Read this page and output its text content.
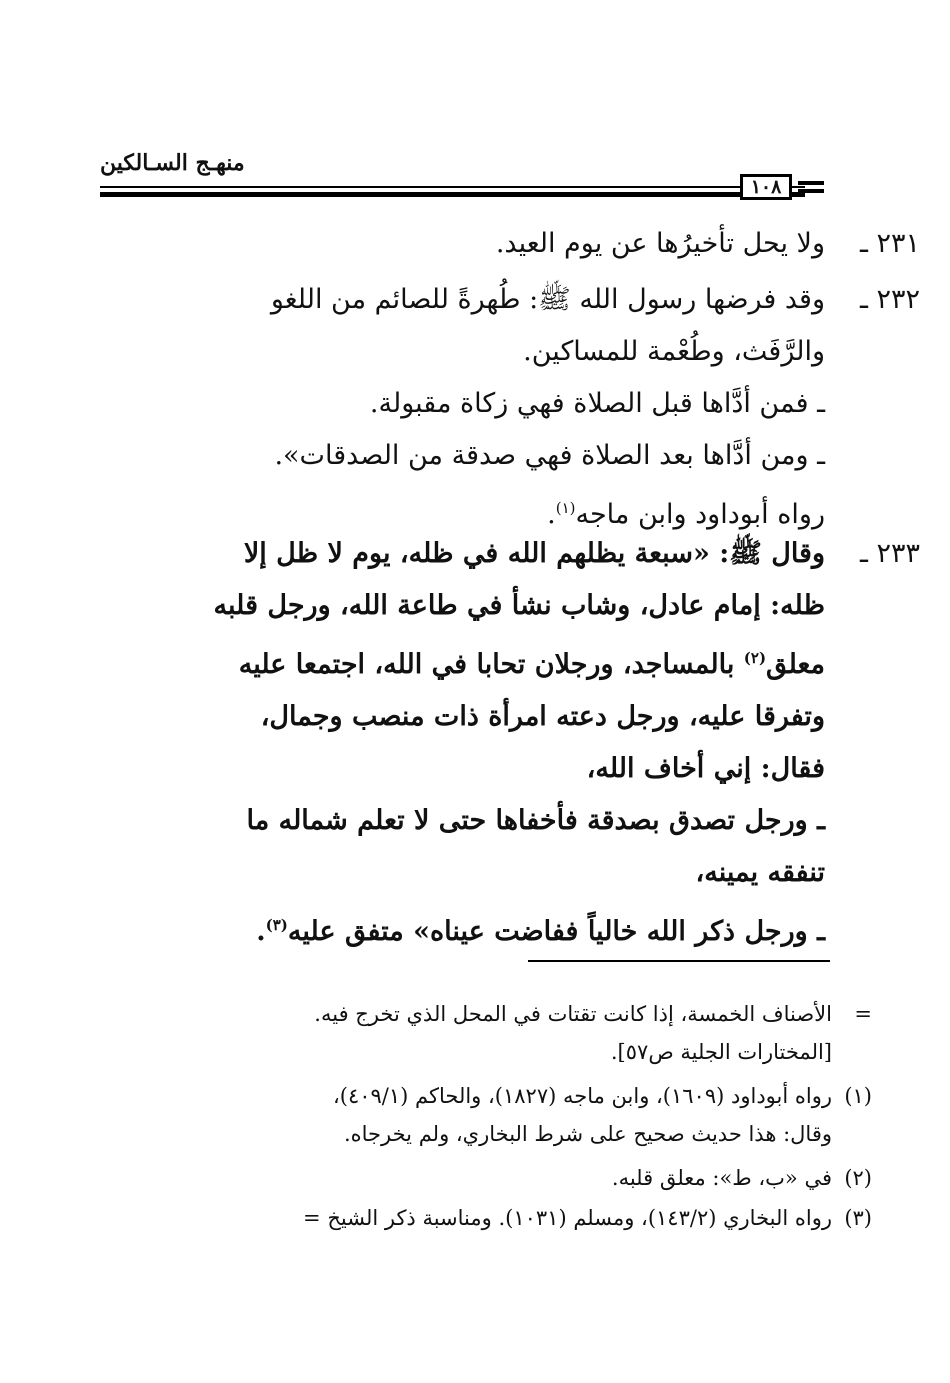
منهـج السـالكين
١٠٨
٢٣١ ـ
ولا يحل تأخيرُها عن يوم العيد.
٢٣٢ ـ
وقد فرضها رسول الله ﷺ: طُهرةً للصائم من اللغو
والرَّفَث، وطُعْمة للمساكين.
ـ فمن أدَّاها قبل الصلاة فهي زكاة مقبولة.
ـ ومن أدَّاها بعد الصلاة فهي صدقة من الصدقات».
رواه أبوداود وابن ماجه$^{(١)}$.
٢٣٣ ـ
وقال ﷺ: «سبعة يظلهم الله في ظله، يوم لا ظل إلا
ظله: إمام عادل، وشاب نشأ في طاعة الله، ورجل قلبه
معلق$^{(٢)}$ بالمساجد، ورجلان تحابا في الله، اجتمعا عليه
وتفرقا عليه، ورجل دعته امرأة ذات منصب وجمال،
فقال: إني أخاف الله،
ـ ورجل تصدق بصدقة فأخفاها حتى لا تعلم شماله ما
تنفقه يمينه،
ـ ورجل ذكر الله خالياً ففاضت عيناه» متفق عليه$^{(٣)}$.
=
الأصناف الخمسة، إذا كانت تقتات في المحل الذي تخرج فيه.
[المختارات الجلية ص٥٧].
(١)
رواه أبوداود (١٦٠٩)، وابن ماجه (١٨٢٧)، والحاكم (٤٠٩/١)،
وقال: هذا حديث صحيح على شرط البخاري، ولم يخرجاه.
(٢)
في «ب، ط»: معلق قلبه.
(٣)
رواه البخاري (١٤٣/٢)، ومسلم (١٠٣١). ومناسبة ذكر الشيخ =
